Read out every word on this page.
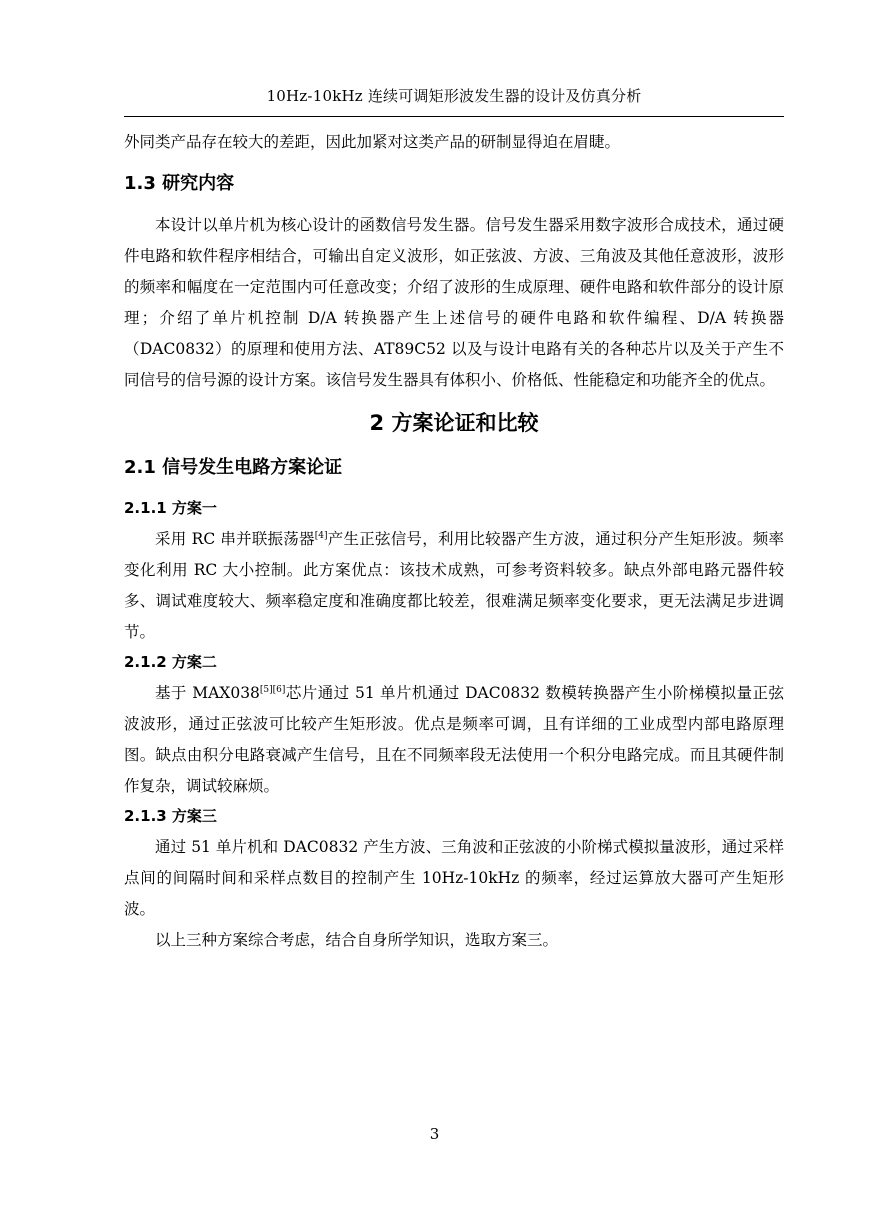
10Hz-10kHz 连续可调矩形波发生器的设计及仿真分析

外同类产品存在较大的差距，因此加紧对这类产品的研制显得迫在眉睫。

1.3 研究内容

本设计以单片机为核心设计的函数信号发生器。信号发生器采用数字波形合成技术，通过硬件电路和软件程序相结合，可输出自定义波形，如正弦波、方波、三角波及其他任意波形，波形的频率和幅度在一定范围内可任意改变；介绍了波形的生成原理、硬件电路和软件部分的设计原理；介绍了单片机控制 D/A 转换器产生上述信号的硬件电路和软件编程、D/A 转换器（DAC0832）的原理和使用方法、AT89C52 以及与设计电路有关的各种芯片以及关于产生不同信号的信号源的设计方案。该信号发生器具有体积小、价格低、性能稳定和功能齐全的优点。

2 方案论证和比较
2.1 信号发生电路方案论证
2.1.1 方案一

采用 RC 串并联振荡器[4]产生正弦信号，利用比较器产生方波，通过积分产生矩形波。频率变化利用 RC 大小控制。此方案优点：该技术成熟，可参考资料较多。缺点外部电路元器件较多、调试难度较大、频率稳定度和准确度都比较差，很难满足频率变化要求，更无法满足步进调节。

2.1.2 方案二

基于 MAX038[5][6]芯片通过 51 单片机通过 DAC0832 数模转换器产生小阶梯模拟量正弦波波形，通过正弦波可比较产生矩形波。优点是频率可调，且有详细的工业成型内部电路原理图。缺点由积分电路衰减产生信号，且在不同频率段无法使用一个积分电路完成。而且其硬件制作复杂，调试较麻烦。

2.1.3 方案三

通过 51 单片机和 DAC0832 产生方波、三角波和正弦波的小阶梯式模拟量波形，通过采样点间的间隔时间和采样点数目的控制产生 10Hz-10kHz 的频率，经过运算放大器可产生矩形波。

以上三种方案综合考虑，结合自身所学知识，选取方案三。

3
